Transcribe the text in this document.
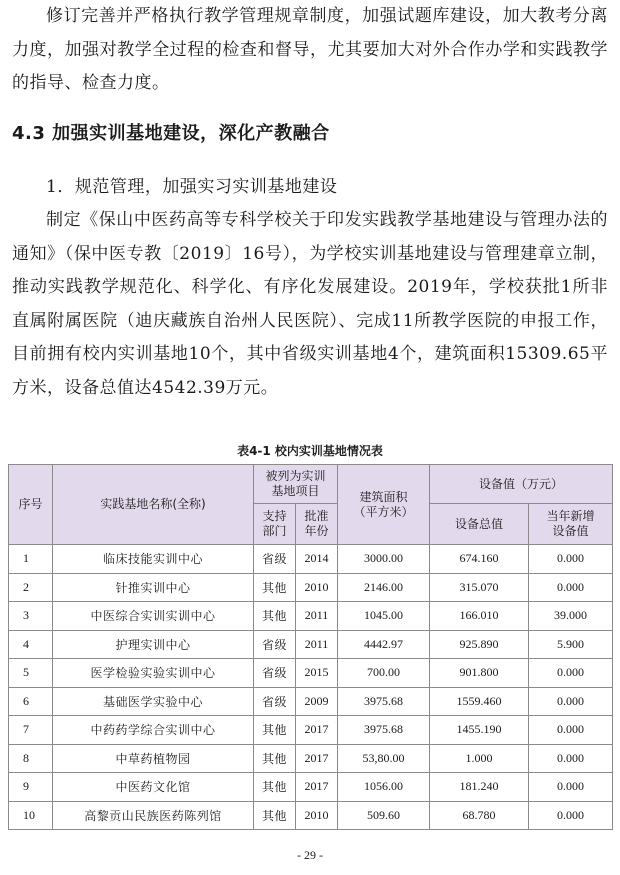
修订完善并严格执行教学管理规章制度，加强试题库建设，加大教考分离力度，加强对教学全过程的检查和督导，尤其要加大对外合作办学和实践教学的指导、检查力度。

4.3 加强实训基地建设，深化产教融合

1．规范管理，加强实习实训基地建设

制定《保山中医药高等专科学校关于印发实践教学基地建设与管理办法的通知》（保中医专教〔2019〕16号），为学校实训基地建设与管理建章立制，推动实践教学规范化、科学化、有序化发展建设。2019年，学校获批1所非直属附属医院（迪庆藏族自治州人民医院）、完成11所教学医院的申报工作，目前拥有校内实训基地10个，其中省级实训基地4个，建筑面积15309.65平方米，设备总值达4542.39万元。

表4-1 校内实训基地情况表

序号	实践基地名称(全称)	被列为实训基地项目		建筑面积（平方米）	设备值（万元）	
		支持部门	批准年份		设备总值	当年新增设备值
1	临床技能实训中心	省级	2014	3000.00	674.160	0.000
2	针推实训中心	其他	2010	2146.00	315.070	0.000
3	中医综合实训实训中心	其他	2011	1045.00	166.010	39.000
4	护理实训中心	省级	2011	4442.97	925.890	5.900
5	医学检验实验实训中心	省级	2015	700.00	901.800	0.000
6	基础医学实验中心	省级	2009	3975.68	1559.460	0.000
7	中药药学综合实训中心	其他	2017	3975.68	1455.190	0.000
8	中草药植物园	其他	2017	53,80.00	1.000	0.000
9	中医药文化馆	其他	2017	1056.00	181.240	0.000
10	高黎贡山民族医药陈列馆	其他	2010	509.60	68.780	0.000
- 29 -
